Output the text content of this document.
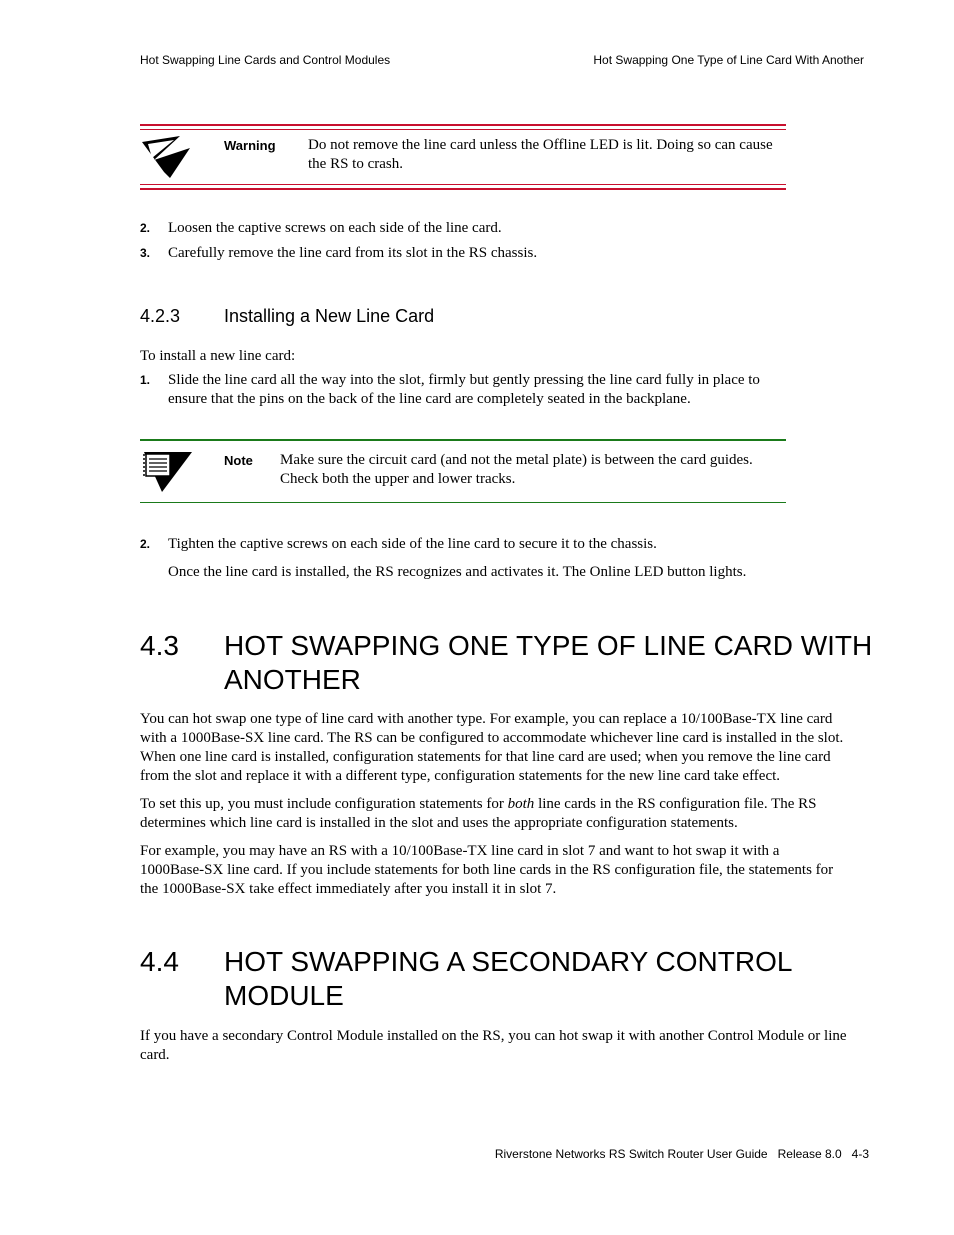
Hot Swapping Line Cards and Control Modules	Hot Swapping One Type of Line Card With Another
Warning Do not remove the line card unless the Offline LED is lit. Doing so can cause
the RS to crash.
2. Loosen the captive screws on each side of the line card.
3. Carefully remove the line card from its slot in the RS chassis.
4.2.3 Installing a New Line Card
To install a new line card:
1. Slide the line card all the way into the slot, firmly but gently pressing the line card fully in place to
ensure that the pins on the back of the line card are completely seated in the backplane.
Note Make sure the circuit card (and not the metal plate) is between the card guides.
Check both the upper and lower tracks.
2. Tighten the captive screws on each side of the line card to secure it to the chassis.
Once the line card is installed, the RS recognizes and activates it. The Online LED button lights.
4.3 HOT SWAPPING ONE TYPE OF LINE CARD WITH
ANOTHER
You can hot swap one type of line card with another type. For example, you can replace a 10/100Base-TX line card
with a 1000Base-SX line card. The RS can be configured to accommodate whichever line card is installed in the slot.
When one line card is installed, configuration statements for that line card are used; when you remove the line card
from the slot and replace it with a different type, configuration statements for the new line card take effect.
To set this up, you must include configuration statements for both line cards in the RS configuration file. The RS
determines which line card is installed in the slot and uses the appropriate configuration statements.
For example, you may have an RS with a 10/100Base-TX line card in slot 7 and want to hot swap it with a
1000Base-SX line card. If you include statements for both line cards in the RS configuration file, the statements for
the 1000Base-SX take effect immediately after you install it in slot 7.
4.4 HOT SWAPPING A SECONDARY CONTROL
MODULE
If you have a secondary Control Module installed on the RS, you can hot swap it with another Control Module or line
card.
Riverstone Networks RS Switch Router User Guide   Release 8.0   4-3
